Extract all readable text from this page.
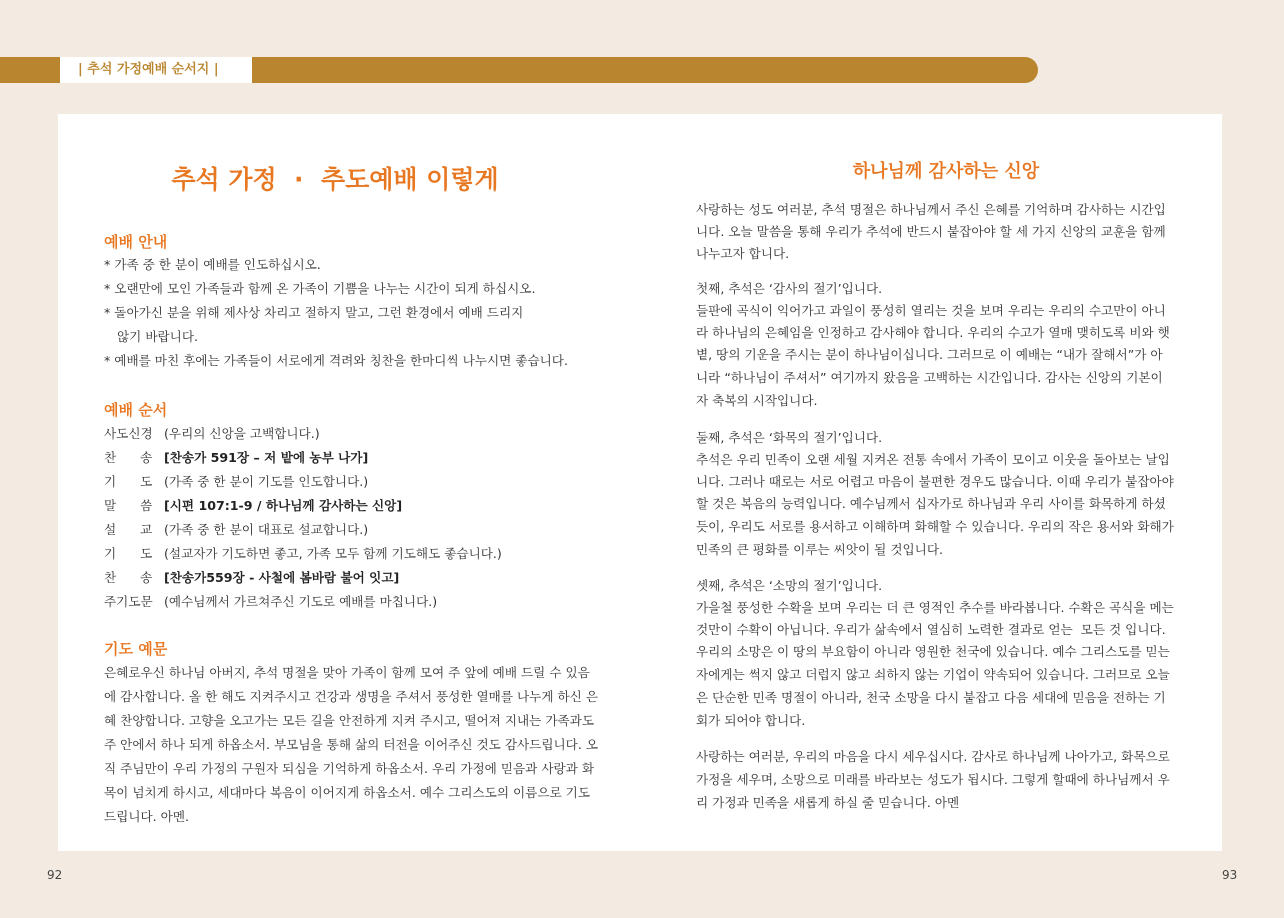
| 추석 가정예배 순서지 |
추석 가정  ·  추도예배 이렇게
예배 안내
* 가족 중 한 분이 예배를 인도하십시오.
* 오랜만에 모인 가족들과 함께 온 가족이 기쁨을 나누는 시간이 되게 하십시오.
* 돌아가신 분을 위해 제사상 차리고 절하지 말고, 그런 환경에서 예배 드리지
않기 바랍니다.
* 예배를 마친 후에는 가족들이 서로에게 격려와 칭찬을 한마디씩 나누시면 좋습니다.
예배 순서
사도신경 (우리의 신앙을 고백합니다.)
찬      송 [찬송가 591장 – 저 밭에 농부 나가]
기      도 (가족 중 한 분이 기도를 인도합니다.)
말      씀 [시편 107:1-9 / 하나님께 감사하는 신앙]
설      교 (가족 중 한 분이 대표로 설교합니다.)
기      도 (설교자가 기도하면 좋고, 가족 모두 함께 기도해도 좋습니다.)
찬      송 [찬송가559장 - 사철에 봄바람 불어 잇고]
주기도문 (예수님께서 가르쳐주신 기도로 예배를 마칩니다.)
기도 예문
은혜로우신 하나님 아버지, 추석 명절을 맞아 가족이 함께 모여 주 앞에 예배 드릴 수 있음
에 감사합니다. 올 한 해도 지켜주시고 건강과 생명을 주셔서 풍성한 열매를 나누게 하신 은
혜 찬양합니다. 고향을 오고가는 모든 길을 안전하게 지켜 주시고, 떨어져 지내는 가족과도
주 안에서 하나 되게 하옵소서. 부모님을 통해 삶의 터전을 이어주신 것도 감사드립니다. 오
직 주님만이 우리 가정의 구원자 되심을 기억하게 하옵소서. 우리 가정에 믿음과 사랑과 화
목이 넘치게 하시고, 세대마다 복음이 이어지게 하옵소서. 예수 그리스도의 이름으로 기도
드립니다. 아멘.
하나님께 감사하는 신앙
사랑하는 성도 여러분, 추석 명절은 하나님께서 주신 은혜를 기억하며 감사하는 시간입
니다. 오늘 말씀을 통해 우리가 추석에 반드시 붙잡아야 할 세 가지 신앙의 교훈을 함께
나누고자 합니다.
첫째, 추석은 ‘감사의 절기’입니다.
들판에 곡식이 익어가고 과일이 풍성히 열리는 것을 보며 우리는 우리의 수고만이 아니
라 하나님의 은혜임을 인정하고 감사해야 합니다. 우리의 수고가 열매 맺히도록 비와 햇
볕, 땅의 기운을 주시는 분이 하나님이십니다. 그러므로 이 예배는 “내가 잘해서”가 아
니라 “하나님이 주셔서” 여기까지 왔음을 고백하는 시간입니다. 감사는 신앙의 기본이
자 축복의 시작입니다.
둘째, 추석은 ‘화목의 절기’입니다.
추석은 우리 민족이 오랜 세월 지켜온 전통 속에서 가족이 모이고 이웃을 돌아보는 날입
니다. 그러나 때로는 서로 어렵고 마음이 불편한 경우도 많습니다. 이때 우리가 붙잡아야
할 것은 복음의 능력입니다. 예수님께서 십자가로 하나님과 우리 사이를 화목하게 하셨
듯이, 우리도 서로를 용서하고 이해하며 화해할 수 있습니다. 우리의 작은 용서와 화해가
민족의 큰 평화를 이루는 씨앗이 될 것입니다.
셋째, 추석은 ‘소망의 절기’입니다.
가을철 풍성한 수확을 보며 우리는 더 큰 영적인 추수를 바라봅니다. 수확은 곡식을 메는
것만이 수확이 아닙니다. 우리가 삶속에서 열심히 노력한 결과로 얻는  모든 것 입니다.
우리의 소망은 이 땅의 부요함이 아니라 영원한 천국에 있습니다. 예수 그리스도를 믿는
자에게는 썩지 않고 더럽지 않고 쇠하지 않는 기업이 약속되어 있습니다. 그러므로 오늘
은 단순한 민족 명절이 아니라, 천국 소망을 다시 붙잡고 다음 세대에 믿음을 전하는 기
회가 되어야 합니다.
사랑하는 여러분, 우리의 마음을 다시 세우십시다. 감사로 하나님께 나아가고, 화목으로
가정을 세우며, 소망으로 미래를 바라보는 성도가 됩시다. 그렇게 할때에 하나님께서 우
리 가정과 민족을 새롭게 하실 줄 믿습니다. 아멘
92	93
